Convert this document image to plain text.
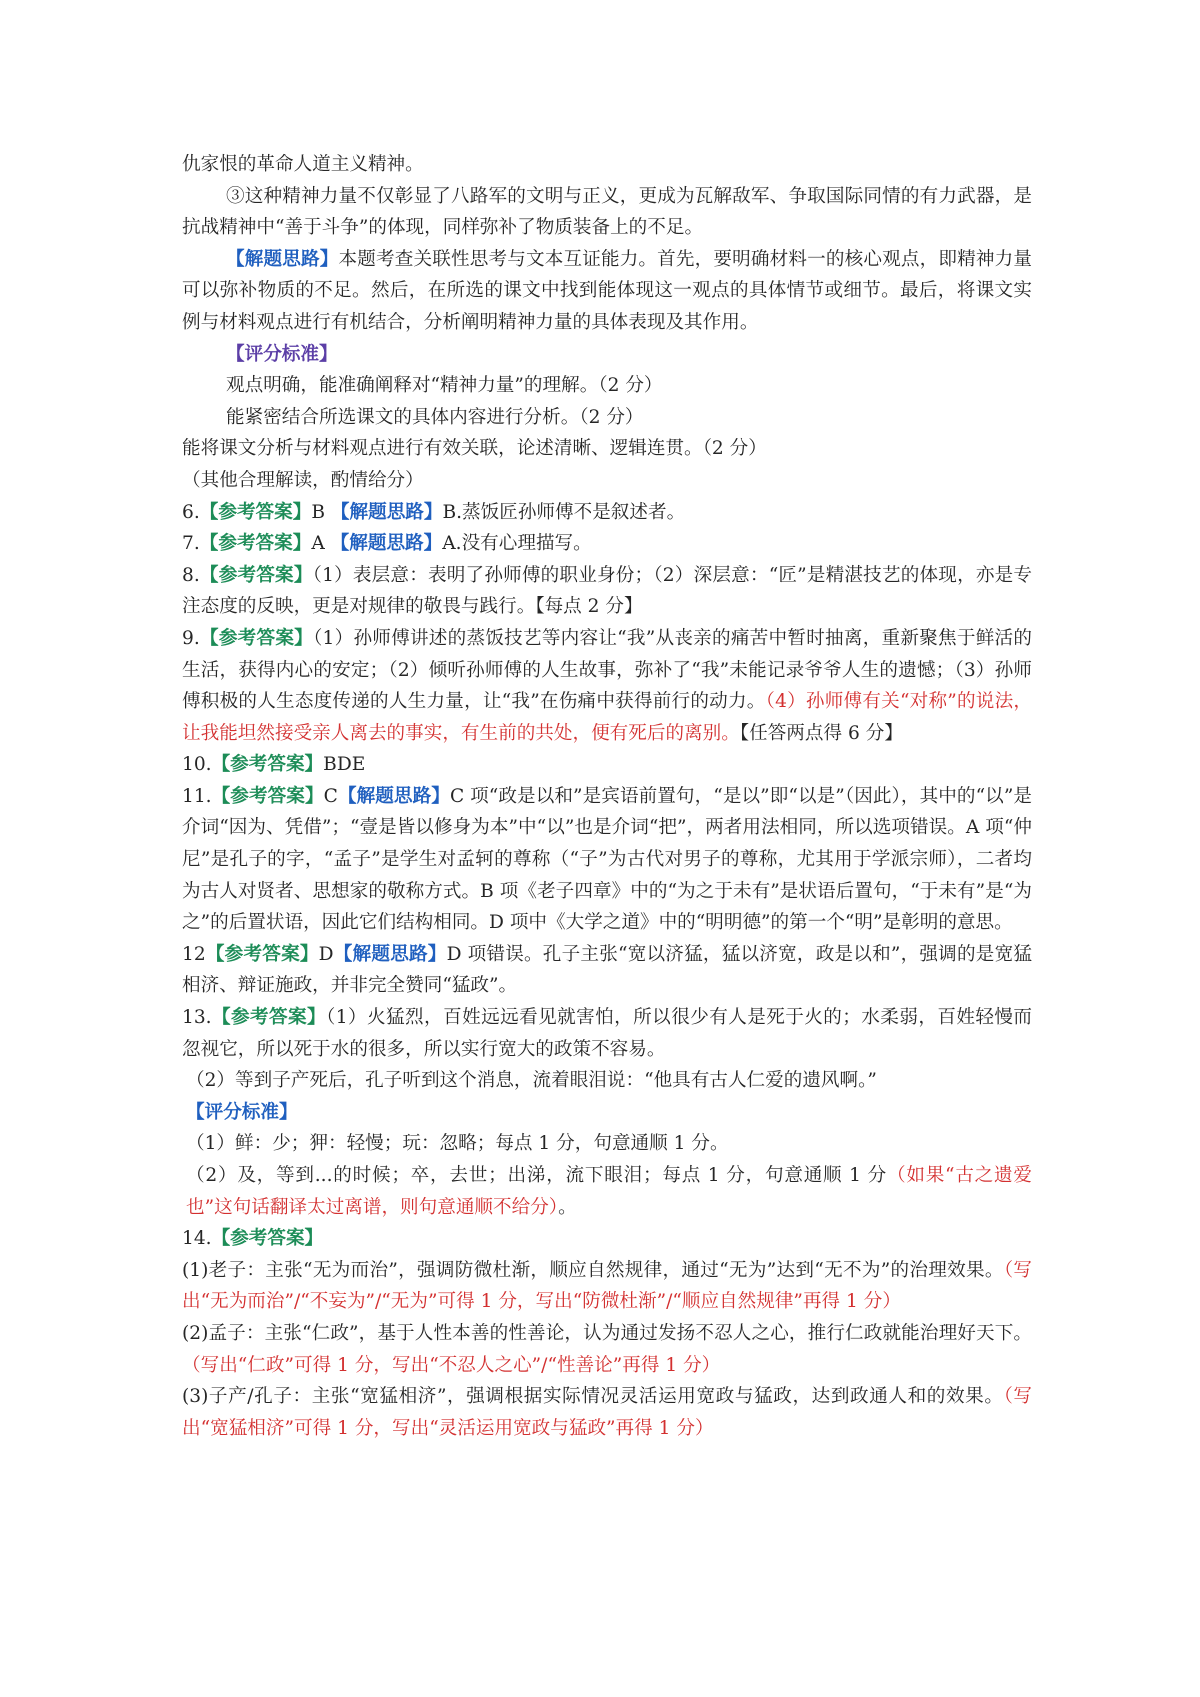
仇家恨的革命人道主义精神。

③这种精神力量不仅彰显了八路军的文明与正义，更成为瓦解敌军、争取国际同情的有力武器，是抗战精神中“善于斗争”的体现，同样弥补了物质装备上的不足。

【解题思路】本题考查关联性思考与文本互证能力。首先，要明确材料一的核心观点，即精神力量可以弥补物质的不足。然后，在所选的课文中找到能体现这一观点的具体情节或细节。最后，将课文实例与材料观点进行有机结合，分析阐明精神力量的具体表现及其作用。

【评分标准】

观点明确，能准确阐释对“精神力量”的理解。（2 分）

能紧密结合所选课文的具体内容进行分析。（2 分）

能将课文分析与材料观点进行有效关联，论述清晰、逻辑连贯。（2 分）

（其他合理解读，酌情给分）

6.【参考答案】B 【解题思路】B.蒸饭匠孙师傅不是叙述者。

7.【参考答案】A 【解题思路】A.没有心理描写。

8.【参考答案】（1）表层意：表明了孙师傅的职业身份；（2）深层意：“匠”是精湛技艺的体现，亦是专注态度的反映，更是对规律的敬畏与践行。【每点 2 分】

9.【参考答案】（1）孙师傅讲述的蒸饭技艺等内容让“我”从丧亲的痛苦中暂时抽离，重新聚焦于鲜活的生活，获得内心的安定；（2）倾听孙师傅的人生故事，弥补了“我”未能记录爷爷人生的遗憾；（3）孙师傅积极的人生态度传递的人生力量，让“我”在伤痛中获得前行的动力。（4）孙师傅有关“对称”的说法，让我能坦然接受亲人离去的事实，有生前的共处，便有死后的离别。【任答两点得 6 分】

10.【参考答案】BDE

11.【参考答案】C【解题思路】C 项“政是以和”是宾语前置句，“是以”即“以是”（因此），其中的“以”是介词“因为、凭借”；“壹是皆以修身为本”中“以”也是介词“把”，两者用法相同，所以选项错误。A 项“仲尼”是孔子的字，“孟子”是学生对孟轲的尊称（“子”为古代对男子的尊称，尤其用于学派宗师），二者均为古人对贤者、思想家的敬称方式。B 项《老子四章》中的“为之于未有”是状语后置句，“于未有”是“为之”的后置状语，因此它们结构相同。D 项中《大学之道》中的“明明德”的第一个“明”是彰明的意思。

12【参考答案】D【解题思路】D 项错误。孔子主张“宽以济猛，猛以济宽，政是以和”，强调的是宽猛相济、辩证施政，并非完全赞同“猛政”。

13.【参考答案】（1）火猛烈，百姓远远看见就害怕，所以很少有人是死于火的；水柔弱，百姓轻慢而忽视它，所以死于水的很多，所以实行宽大的政策不容易。

（2）等到子产死后，孔子听到这个消息，流着眼泪说：“他具有古人仁爱的遗风啊。”

【评分标准】

（1）鲜：少；狎：轻慢；玩：忽略；每点 1 分，句意通顺 1 分。

（2）及，等到...的时候；卒，去世；出涕，流下眼泪；每点 1 分，句意通顺 1 分（如果“古之遗爱也”这句话翻译太过离谱，则句意通顺不给分）。

14.【参考答案】

(1)老子：主张“无为而治”，强调防微杜渐，顺应自然规律，通过“无为”达到“无不为”的治理效果。（写出“无为而治”/“不妄为”/“无为”可得 1 分，写出“防微杜渐”/“顺应自然规律”再得 1 分）

(2)孟子：主张“仁政”，基于人性本善的性善论，认为通过发扬不忍人之心，推行仁政就能治理好天下。（写出“仁政”可得 1 分，写出“不忍人之心”/“性善论”再得 1 分）

(3)子产/孔子：主张“宽猛相济”，强调根据实际情况灵活运用宽政与猛政，达到政通人和的效果。（写出“宽猛相济”可得 1 分，写出“灵活运用宽政与猛政”再得 1 分）
